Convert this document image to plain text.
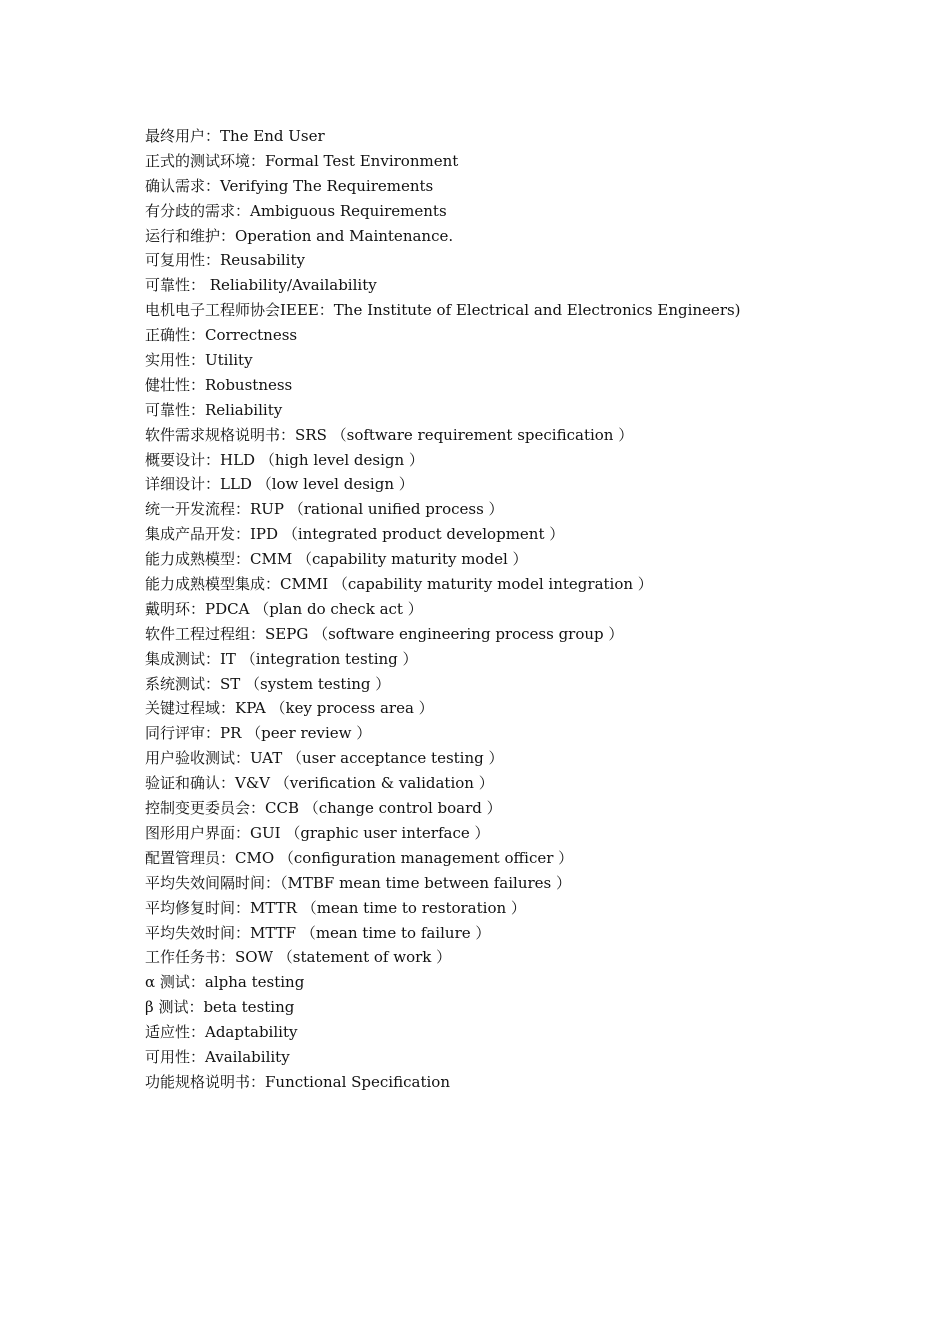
最终用户：The End User
正式的测试环境：Formal Test Environment
确认需求：Verifying The Requirements
有分歧的需求：Ambiguous Requirements
运行和维护：Operation and Maintenance.
可复用性：Reusability
可靠性： Reliability/Availability
电机电子工程师协会IEEE：The Institute of Electrical and Electronics Engineers)
正确性：Correctness
实用性：Utility
健壮性：Robustness
可靠性：Reliability
软件需求规格说明书：SRS （software requirement specification ）
概要设计：HLD （high level design ）
详细设计：LLD （low level design ）
统一开发流程：RUP （rational unified process ）
集成产品开发：IPD （integrated product development ）
能力成熟模型：CMM （capability maturity model ）
能力成熟模型集成：CMMI （capability maturity model integration ）
戴明环：PDCA （plan do check act ）
软件工程过程组：SEPG （software engineering process group ）
集成测试：IT （integration testing ）
系统测试：ST （system testing ）
关键过程域：KPA （key process area ）
同行评审：PR （peer review ）
用户验收测试：UAT （user acceptance testing ）
验证和确认：V&V （verification & validation ）
控制变更委员会：CCB （change control board ）
图形用户界面：GUI （graphic user interface ）
配置管理员：CMO （configuration management officer ）
平均失效间隔时间：（MTBF mean time between failures ）
平均修复时间：MTTR （mean time to restoration ）
平均失效时间：MTTF （mean time to failure ）
工作任务书：SOW （statement of work ）
α 测试：alpha testing
β 测试：beta testing
适应性：Adaptability
可用性：Availability
功能规格说明书：Functional Specification
